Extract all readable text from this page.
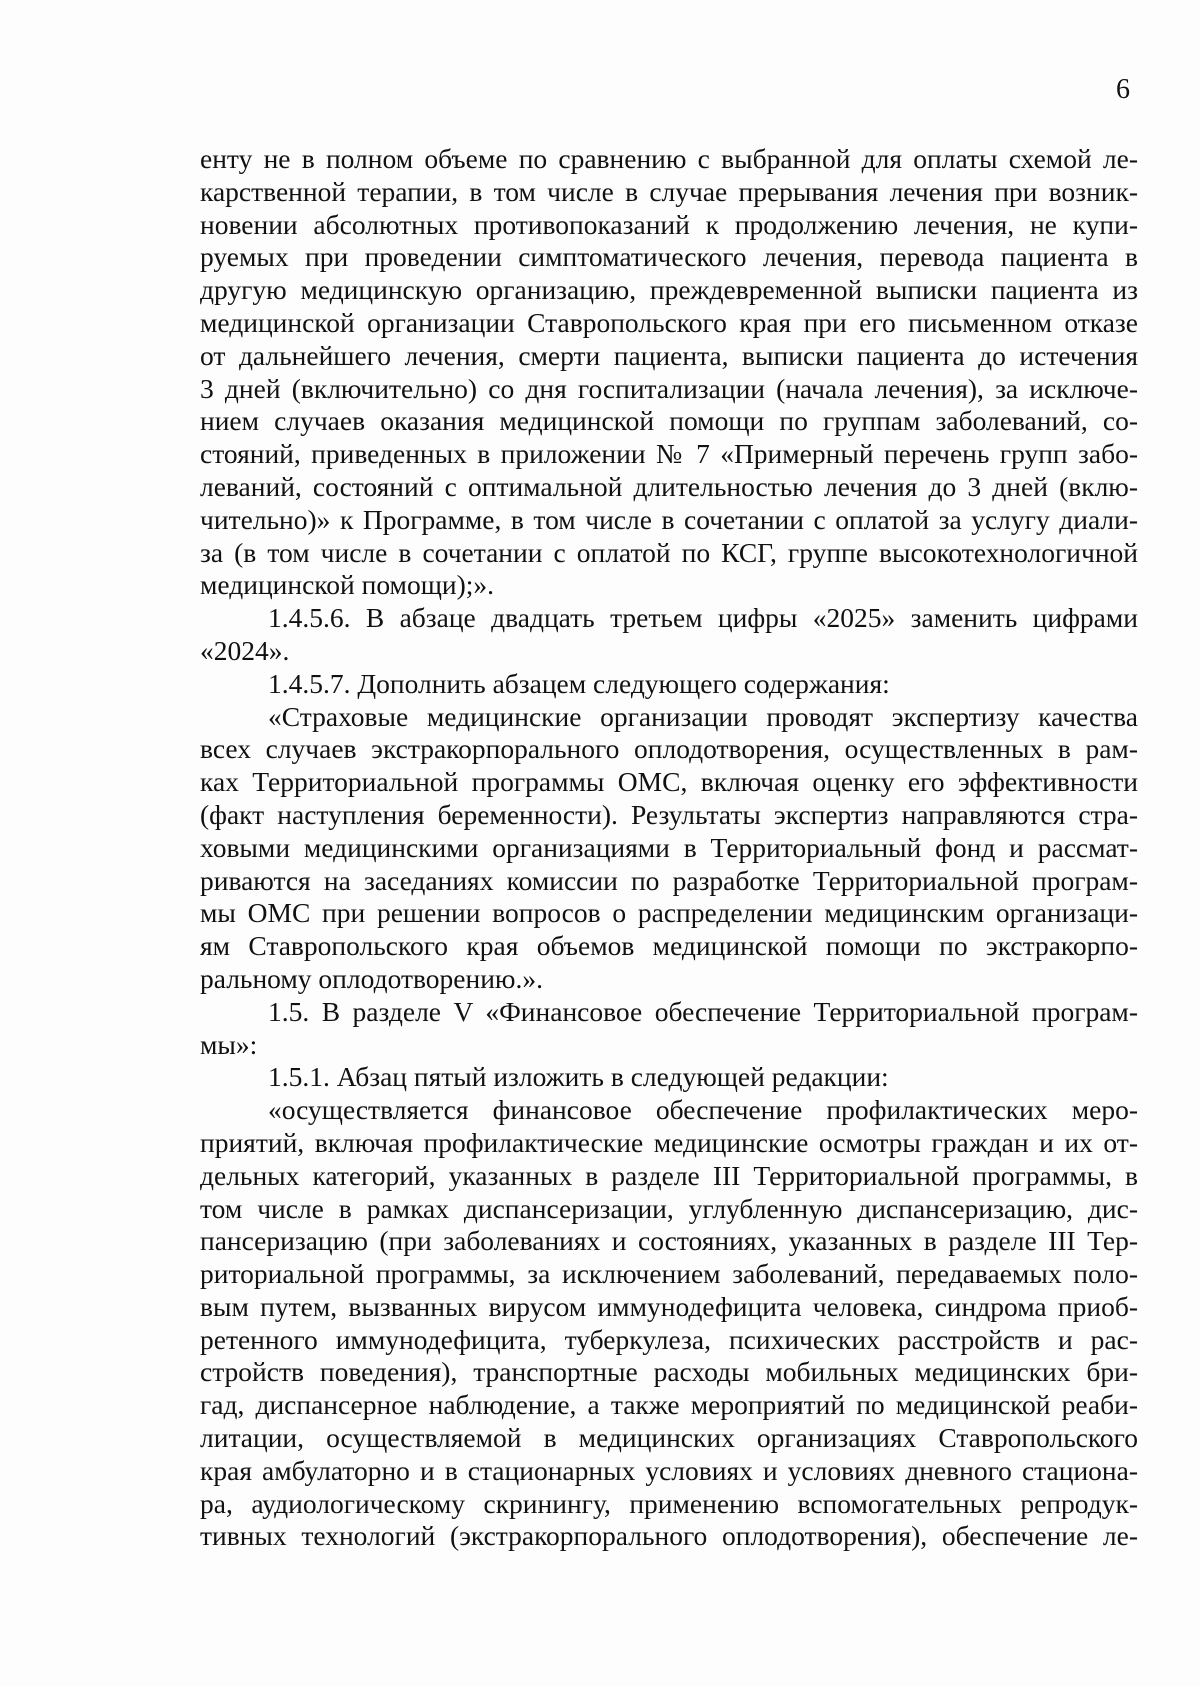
6
енту не в полном объеме по сравнению с выбранной для оплаты схемой ле-
карственной терапии, в том числе в случае прерывания лечения при возник-
новении абсолютных противопоказаний к продолжению лечения, не купи-
руемых при проведении симптоматического лечения, перевода пациента в
другую медицинскую организацию, преждевременной выписки пациента из
медицинской организации Ставропольского края при его письменном отказе
от дальнейшего лечения, смерти пациента, выписки пациента до истечения
3 дней (включительно) со дня госпитализации (начала лечения), за исключе-
нием случаев оказания медицинской помощи по группам заболеваний, со-
стояний, приведенных в приложении № 7 «Примерный перечень групп забо-
леваний, состояний с оптимальной длительностью лечения до 3 дней (вклю-
чительно)» к Программе, в том числе в сочетании с оплатой за услугу диали-
за (в том числе в сочетании с оплатой по КСГ, группе высокотехнологичной
медицинской помощи);».
1.4.5.6. В абзаце двадцать третьем цифры «2025» заменить цифрами
«2024».
1.4.5.7. Дополнить абзацем следующего содержания:
«Страховые медицинские организации проводят экспертизу качества
всех случаев экстракорпорального оплодотворения, осуществленных в рам-
ках Территориальной программы ОМС, включая оценку его эффективности
(факт наступления беременности). Результаты экспертиз направляются стра-
ховыми медицинскими организациями в Территориальный фонд и рассмат-
риваются на заседаниях комиссии по разработке Территориальной програм-
мы ОМС при решении вопросов о распределении медицинским организаци-
ям Ставропольского края объемов медицинской помощи по экстракорпо-
ральному оплодотворению.».
1.5. В разделе V «Финансовое обеспечение Территориальной програм-
мы»:
1.5.1. Абзац пятый изложить в следующей редакции:
«осуществляется финансовое обеспечение профилактических меро-
приятий, включая профилактические медицинские осмотры граждан и их от-
дельных категорий, указанных в разделе III Территориальной программы, в
том числе в рамках диспансеризации, углубленную диспансеризацию, дис-
пансеризацию (при заболеваниях и состояниях, указанных в разделе III Тер-
риториальной программы, за исключением заболеваний, передаваемых поло-
вым путем, вызванных вирусом иммунодефицита человека, синдрома приоб-
ретенного иммунодефицита, туберкулеза, психических расстройств и рас-
стройств поведения), транспортные расходы мобильных медицинских бри-
гад, диспансерное наблюдение, а также мероприятий по медицинской реаби-
литации, осуществляемой в медицинских организациях Ставропольского
края амбулаторно и в стационарных условиях и условиях дневного стациона-
ра, аудиологическому скринингу, применению вспомогательных репродук-
тивных технологий (экстракорпорального оплодотворения), обеспечение ле-
